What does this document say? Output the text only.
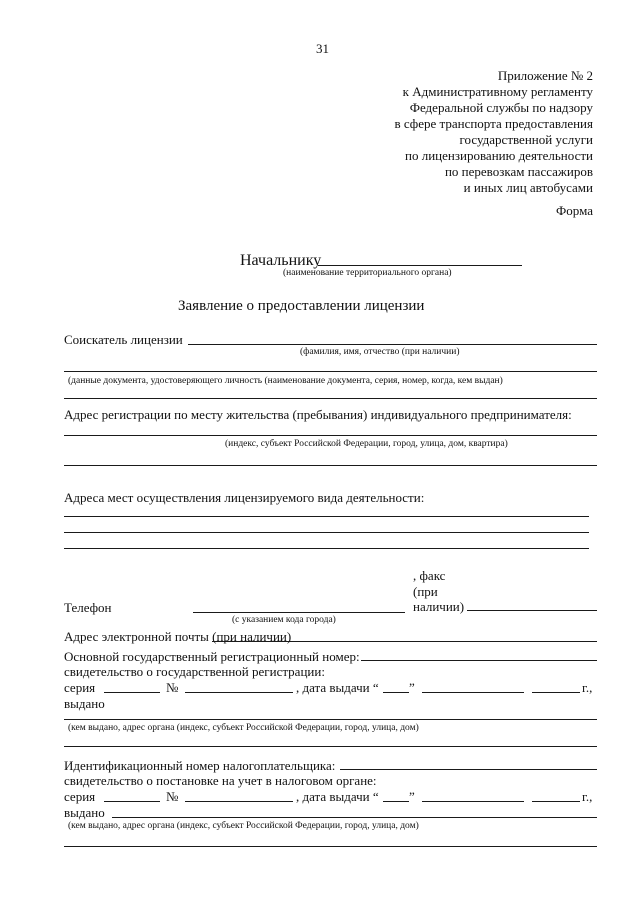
31
Приложение № 2
к Административному регламенту
Федеральной службы по надзору
в сфере транспорта предоставления
государственной услуги
по лицензированию деятельности
по перевозкам пассажиров
и иных лиц автобусами
Форма
Начальнику
(наименование территориального органа)
Заявление о предоставлении лицензии
Соискатель лицензии
(фамилия, имя, отчество (при наличии)
(данные документа, удостоверяющего личность (наименование документа, серия, номер, когда, кем выдан)
Адрес регистрации по месту жительства (пребывания) индивидуального предпринимателя:
(индекс, субъект Российской Федерации, город, улица, дом, квартира)
Адреса мест осуществления лицензируемого вида деятельности:
, факс
(при
Телефон	наличии)
(с указанием кода города)
Адрес электронной почты (при наличии)
Основной государственный регистрационный номер:
свидетельство о государственной регистрации:
серия	№	, дата выдачи “ ”	г.,
выдано
(кем выдано, адрес органа (индекс, субъект Российской Федерации, город, улица, дом)
Идентификационный номер налогоплательщика:
свидетельство о постановке на учет в налоговом органе:
серия	№	, дата выдачи “ ”	г.,
выдано
(кем выдано, адрес органа (индекс, субъект Российской Федерации, город, улица, дом)
